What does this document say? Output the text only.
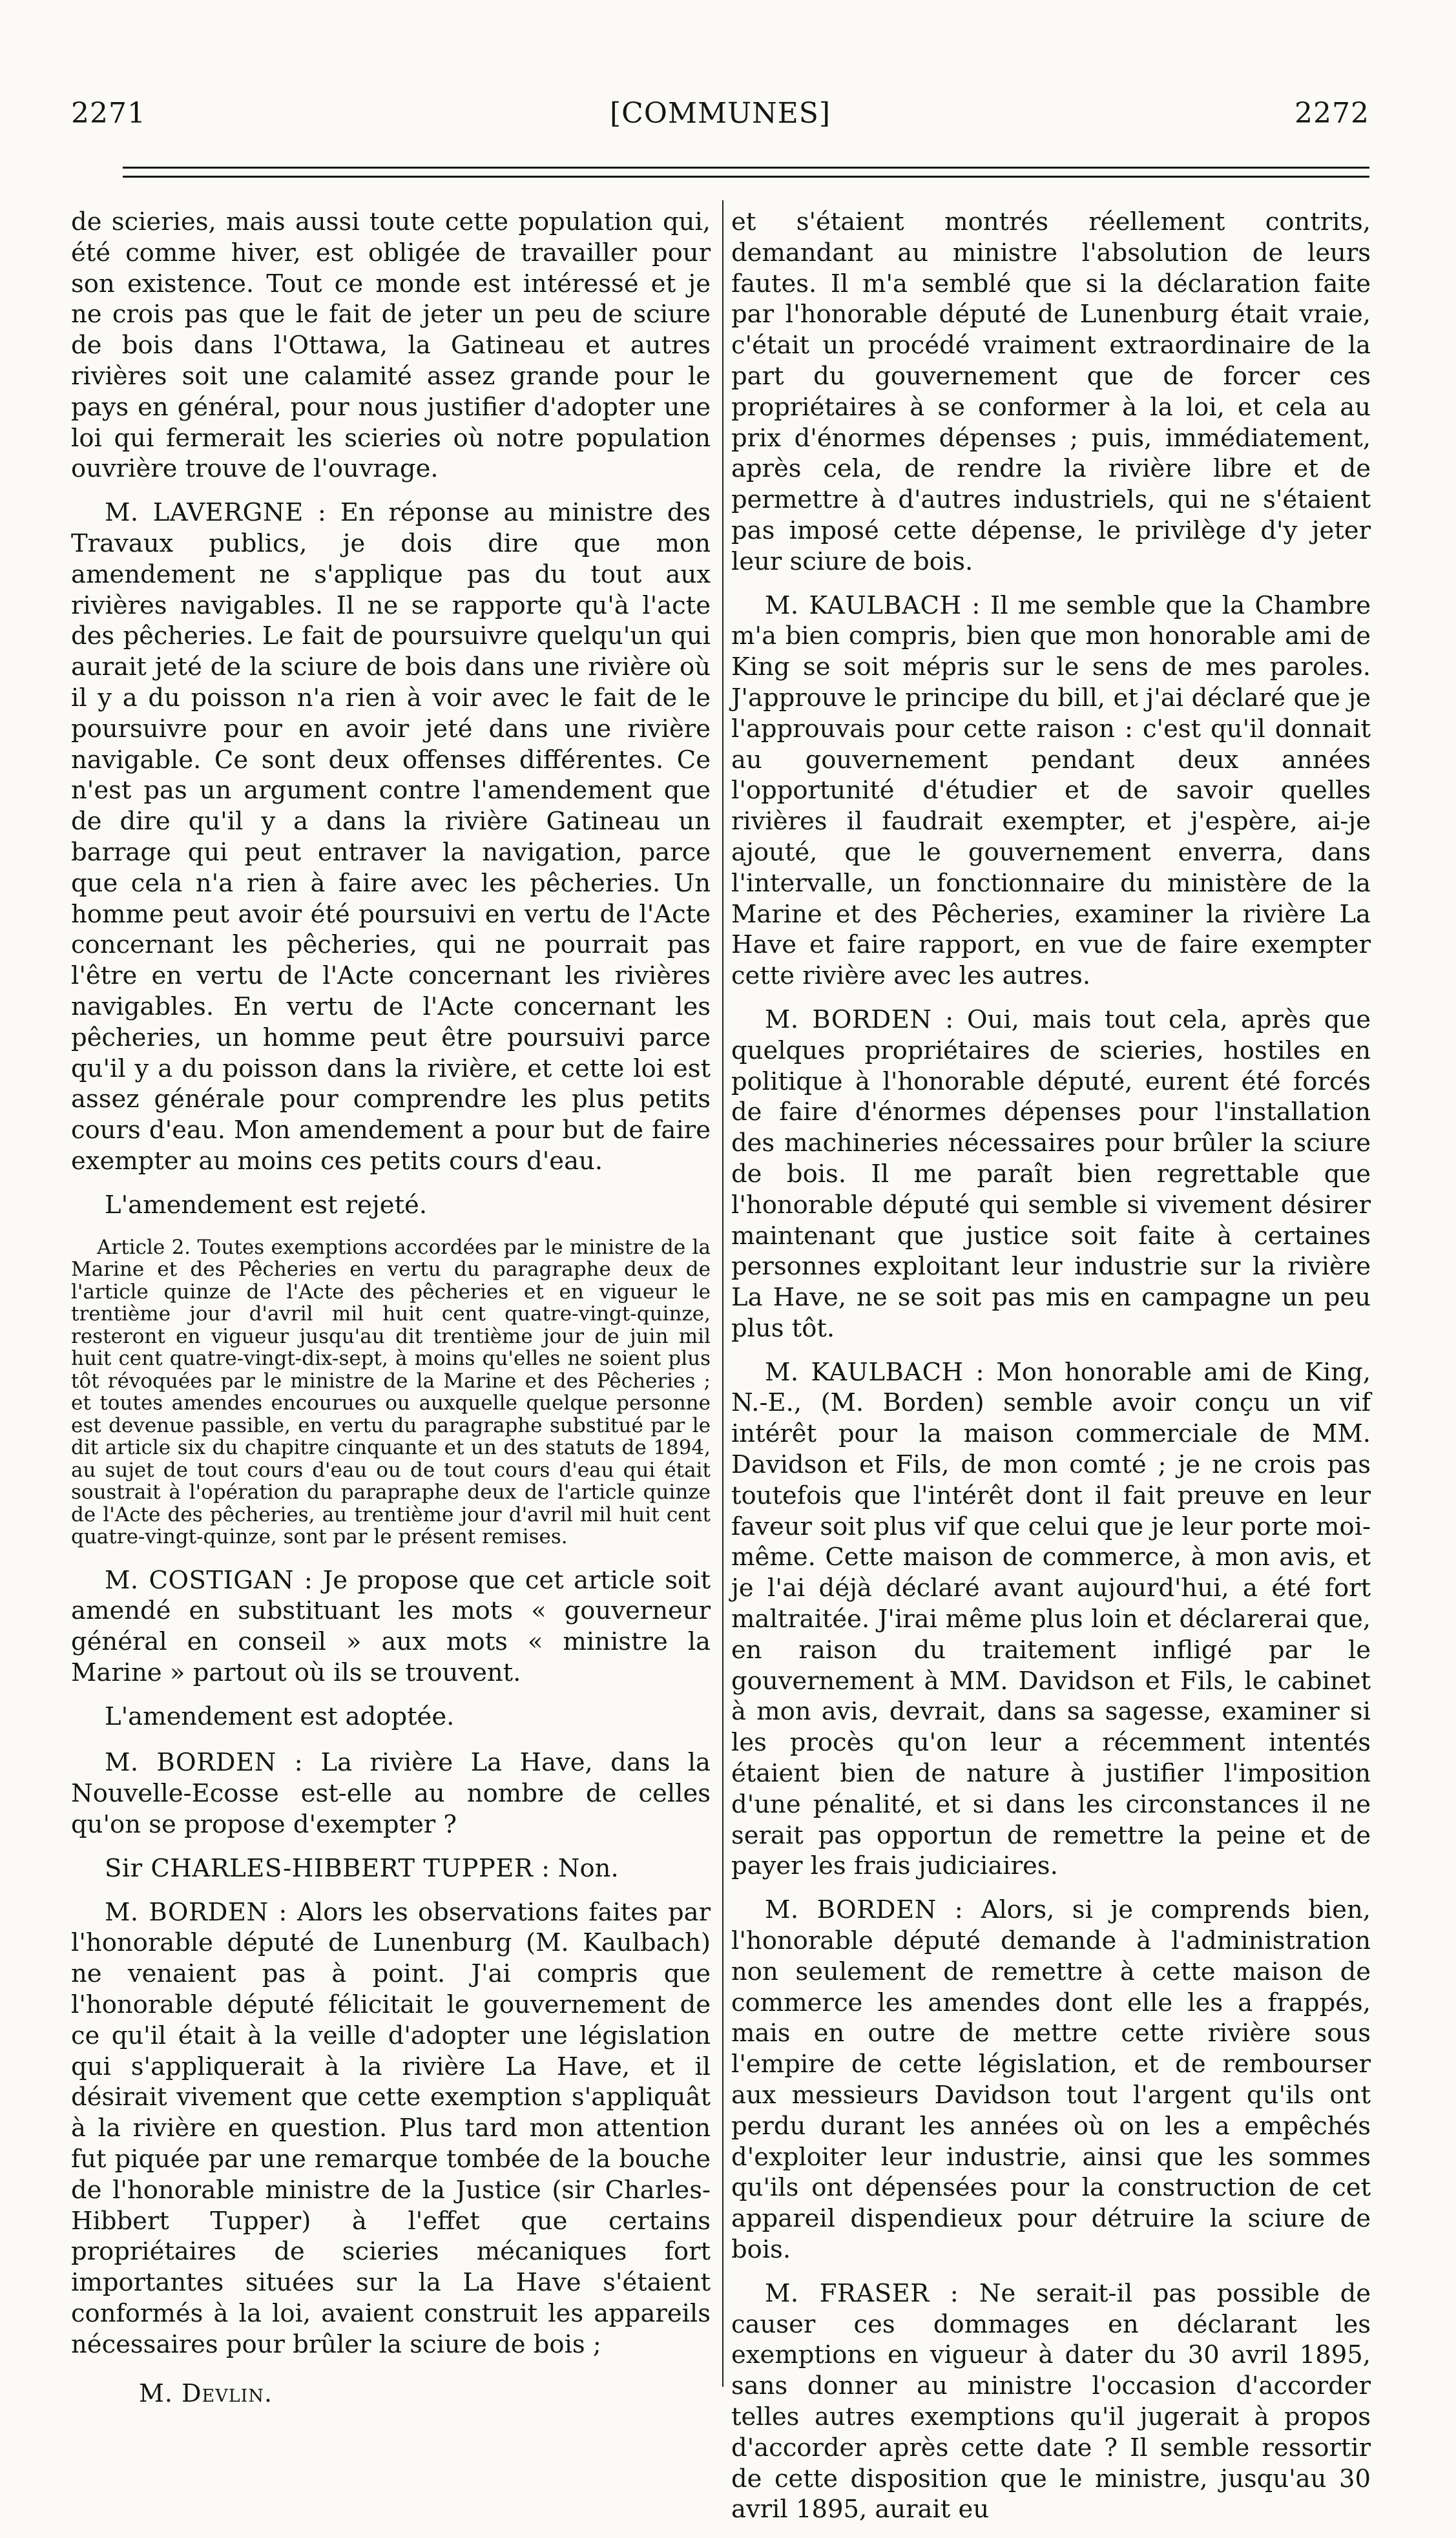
2271	[COMMUNES]	2272

de scieries, mais aussi toute cette population qui, été comme hiver, est obligée de travailler pour son existence. Tout ce monde est intéressé et je ne crois pas que le fait de jeter un peu de sciure de bois dans l'Ottawa, la Gatineau et autres rivières soit une calamité assez grande pour le pays en général, pour nous justifier d'adopter une loi qui fermerait les scieries où notre population ouvrière trouve de l'ouvrage.

M. LAVERGNE : En réponse au ministre des Travaux publics, je dois dire que mon amendement ne s'applique pas du tout aux rivières navigables. Il ne se rapporte qu'à l'acte des pêcheries. Le fait de poursuivre quelqu'un qui aurait jeté de la sciure de bois dans une rivière où il y a du poisson n'a rien à voir avec le fait de le poursuivre pour en avoir jeté dans une rivière navigable. Ce sont deux offenses différentes. Ce n'est pas un argument contre l'amendement que de dire qu'il y a dans la rivière Gatineau un barrage qui peut entraver la navigation, parce que cela n'a rien à faire avec les pêcheries. Un homme peut avoir été poursuivi en vertu de l'Acte concernant les pêcheries, qui ne pourrait pas l'être en vertu de l'Acte concernant les rivières navigables. En vertu de l'Acte concernant les pêcheries, un homme peut être poursuivi parce qu'il y a du poisson dans la rivière, et cette loi est assez générale pour comprendre les plus petits cours d'eau. Mon amendement a pour but de faire exempter au moins ces petits cours d'eau.

L'amendement est rejeté.

Article 2. Toutes exemptions accordées par le ministre de la Marine et des Pêcheries en vertu du paragraphe deux de l'article quinze de l'Acte des pêcheries et en vigueur le trentième jour d'avril mil huit cent quatre-vingt-quinze, resteront en vigueur jusqu'au dit trentième jour de juin mil huit cent quatre-vingt-dix-sept, à moins qu'elles ne soient plus tôt révoquées par le ministre de la Marine et des Pêcheries ; et toutes amendes encourues ou auxquelle quelque personne est devenue passible, en vertu du paragraphe substitué par le dit article six du chapitre cinquante et un des statuts de 1894, au sujet de tout cours d'eau ou de tout cours d'eau qui était soustrait à l'opération du parapraphe deux de l'article quinze de l'Acte des pêcheries, au trentième jour d'avril mil huit cent quatre-vingt-quinze, sont par le présent remises.

M. COSTIGAN : Je propose que cet article soit amendé en substituant les mots « gouverneur général en conseil » aux mots « ministre la Marine » partout où ils se trouvent.

L'amendement est adoptée.

M. BORDEN : La rivière La Have, dans la Nouvelle-Ecosse est-elle au nombre de celles qu'on se propose d'exempter ?

Sir CHARLES-HIBBERT TUPPER : Non.

M. BORDEN : Alors les observations faites par l'honorable député de Lunenburg (M. Kaulbach) ne venaient pas à point. J'ai compris que l'honorable député félicitait le gouvernement de ce qu'il était à la veille d'adopter une législation qui s'appliquerait à la rivière La Have, et il désirait vivement que cette exemption s'appliquât à la rivière en question. Plus tard mon attention fut piquée par une remarque tombée de la bouche de l'honorable ministre de la Justice (sir Charles-Hibbert Tupper) à l'effet que certains propriétaires de scieries mécaniques fort importantes situées sur la La Have s'étaient conformés à la loi, avaient construit les appareils nécessaires pour brûler la sciure de bois ;

et s'étaient montrés réellement contrits, demandant au ministre l'absolution de leurs fautes. Il m'a semblé que si la déclaration faite par l'honorable député de Lunenburg était vraie, c'était un procédé vraiment extraordinaire de la part du gouvernement que de forcer ces propriétaires à se conformer à la loi, et cela au prix d'énormes dépenses ; puis, immédiatement, après cela, de rendre la rivière libre et de permettre à d'autres industriels, qui ne s'étaient pas imposé cette dépense, le privilège d'y jeter leur sciure de bois.

M. KAULBACH : Il me semble que la Chambre m'a bien compris, bien que mon honorable ami de King se soit mépris sur le sens de mes paroles. J'approuve le principe du bill, et j'ai déclaré que je l'approuvais pour cette raison : c'est qu'il donnait au gouvernement pendant deux années l'opportunité d'étudier et de savoir quelles rivières il faudrait exempter, et j'espère, ai-je ajouté, que le gouvernement enverra, dans l'intervalle, un fonctionnaire du ministère de la Marine et des Pêcheries, examiner la rivière La Have et faire rapport, en vue de faire exempter cette rivière avec les autres.

M. BORDEN : Oui, mais tout cela, après que quelques propriétaires de scieries, hostiles en politique à l'honorable député, eurent été forcés de faire d'énormes dépenses pour l'installation des machineries nécessaires pour brûler la sciure de bois. Il me paraît bien regrettable que l'honorable député qui semble si vivement désirer maintenant que justice soit faite à certaines personnes exploitant leur industrie sur la rivière La Have, ne se soit pas mis en campagne un peu plus tôt.

M. KAULBACH : Mon honorable ami de King, N.-E., (M. Borden) semble avoir conçu un vif intérêt pour la maison commerciale de MM. Davidson et Fils, de mon comté ; je ne crois pas toutefois que l'intérêt dont il fait preuve en leur faveur soit plus vif que celui que je leur porte moi-même. Cette maison de commerce, à mon avis, et je l'ai déjà déclaré avant aujourd'hui, a été fort maltraitée. J'irai même plus loin et déclarerai que, en raison du traitement infligé par le gouvernement à MM. Davidson et Fils, le cabinet à mon avis, devrait, dans sa sagesse, examiner si les procès qu'on leur a récemment intentés étaient bien de nature à justifier l'imposition d'une pénalité, et si dans les circonstances il ne serait pas opportun de remettre la peine et de payer les frais judiciaires.

M. BORDEN : Alors, si je comprends bien, l'honorable député demande à l'administration non seulement de remettre à cette maison de commerce les amendes dont elle les a frappés, mais en outre de mettre cette rivière sous l'empire de cette législation, et de rembourser aux messieurs Davidson tout l'argent qu'ils ont perdu durant les années où on les a empêchés d'exploiter leur industrie, ainsi que les sommes qu'ils ont dépensées pour la construction de cet appareil dispendieux pour détruire la sciure de bois.

M. FRASER : Ne serait-il pas possible de causer ces dommages en déclarant les exemptions en vigueur à dater du 30 avril 1895, sans donner au ministre l'occasion d'accorder telles autres exemptions qu'il jugerait à propos d'accorder après cette date ? Il semble ressortir de cette disposition que le ministre, jusqu'au 30 avril 1895, aurait eu

M. Devlin.
